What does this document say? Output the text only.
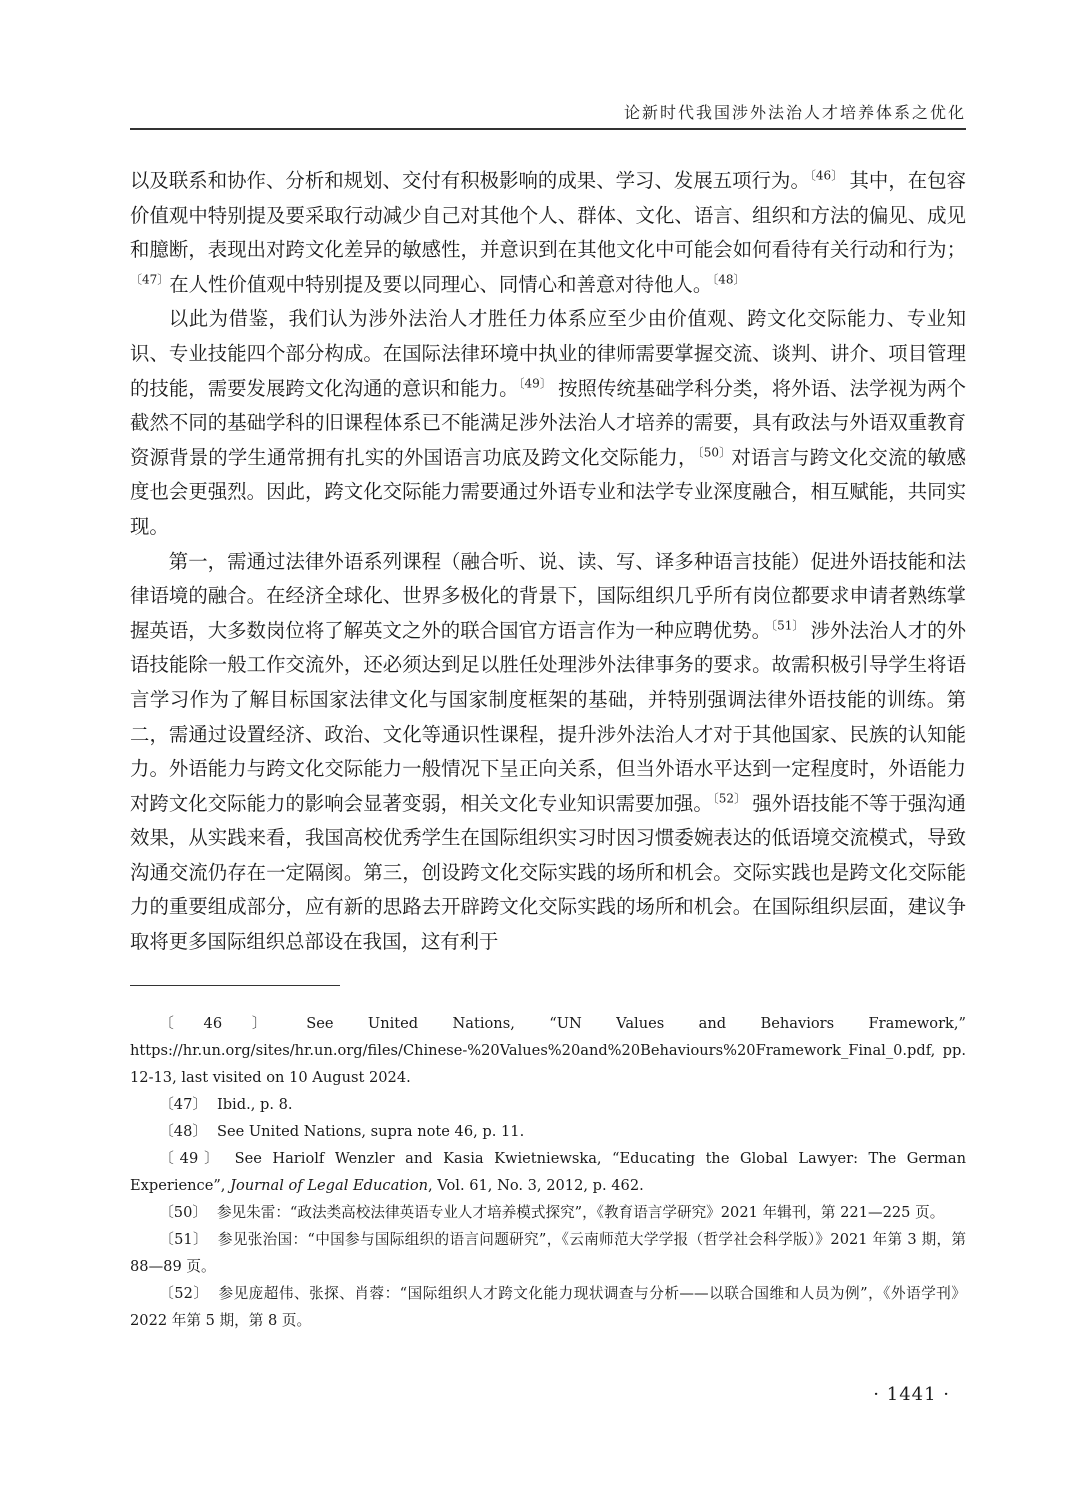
论新时代我国涉外法治人才培养体系之优化

以及联系和协作、分析和规划、交付有积极影响的成果、学习、发展五项行为。$^{〔46〕}$ 其中，在包容价值观中特别提及要采取行动减少自己对其他个人、群体、文化、语言、组织和方法的偏见、成见和臆断，表现出对跨文化差异的敏感性，并意识到在其他文化中可能会如何看待有关行动和行为；$^{〔47〕}$在人性价值观中特别提及要以同理心、同情心和善意对待他人。$^{〔48〕}$

以此为借鉴，我们认为涉外法治人才胜任力体系应至少由价值观、跨文化交际能力、专业知识、专业技能四个部分构成。在国际法律环境中执业的律师需要掌握交流、谈判、讲介、项目管理的技能，需要发展跨文化沟通的意识和能力。$^{〔49〕}$ 按照传统基础学科分类，将外语、法学视为两个截然不同的基础学科的旧课程体系已不能满足涉外法治人才培养的需要，具有政法与外语双重教育资源背景的学生通常拥有扎实的外国语言功底及跨文化交际能力，$^{〔50〕}$对语言与跨文化交流的敏感度也会更强烈。因此，跨文化交际能力需要通过外语专业和法学专业深度融合，相互赋能，共同实现。

第一，需通过法律外语系列课程（融合听、说、读、写、译多种语言技能）促进外语技能和法律语境的融合。在经济全球化、世界多极化的背景下，国际组织几乎所有岗位都要求申请者熟练掌握英语，大多数岗位将了解英文之外的联合国官方语言作为一种应聘优势。$^{〔51〕}$ 涉外法治人才的外语技能除一般工作交流外，还必须达到足以胜任处理涉外法律事务的要求。故需积极引导学生将语言学习作为了解目标国家法律文化与国家制度框架的基础，并特别强调法律外语技能的训练。第二，需通过设置经济、政治、文化等通识性课程，提升涉外法治人才对于其他国家、民族的认知能力。外语能力与跨文化交际能力一般情况下呈正向关系，但当外语水平达到一定程度时，外语能力对跨文化交际能力的影响会显著变弱，相关文化专业知识需要加强。$^{〔52〕}$ 强外语技能不等于强沟通效果，从实践来看，我国高校优秀学生在国际组织实习时因习惯委婉表达的低语境交流模式，导致沟通交流仍存在一定隔阂。第三，创设跨文化交际实践的场所和机会。交际实践也是跨文化交际能力的重要组成部分，应有新的思路去开辟跨文化交际实践的场所和机会。在国际组织层面，建议争取将更多国际组织总部设在我国，这有利于

〔46〕 See United Nations, “UN Values and Behaviors Framework,” https://hr.un.org/sites/hr.un.org/files/Chinese-%20Values%20and%20Behaviours%20Framework_Final_0.pdf, pp. 12-13, last visited on 10 August 2024.

〔47〕 Ibid., p. 8.

〔48〕 See United Nations, supra note 46, p. 11.

〔49〕 See Hariolf Wenzler and Kasia Kwietniewska, “Educating the Global Lawyer: The German Experience”, Journal of Legal Education, Vol. 61, No. 3, 2012, p. 462.

〔50〕 参见朱雷：“政法类高校法律英语专业人才培养模式探究”，《教育语言学研究》2021 年辑刊，第 221—225 页。

〔51〕 参见张治国：“中国参与国际组织的语言问题研究”，《云南师范大学学报（哲学社会科学版）》2021 年第 3 期，第 88—89 页。

〔52〕 参见庞超伟、张探、肖蓉：“国际组织人才跨文化能力现状调查与分析——以联合国维和人员为例”，《外语学刊》2022 年第 5 期，第 8 页。

· 1441 ·
